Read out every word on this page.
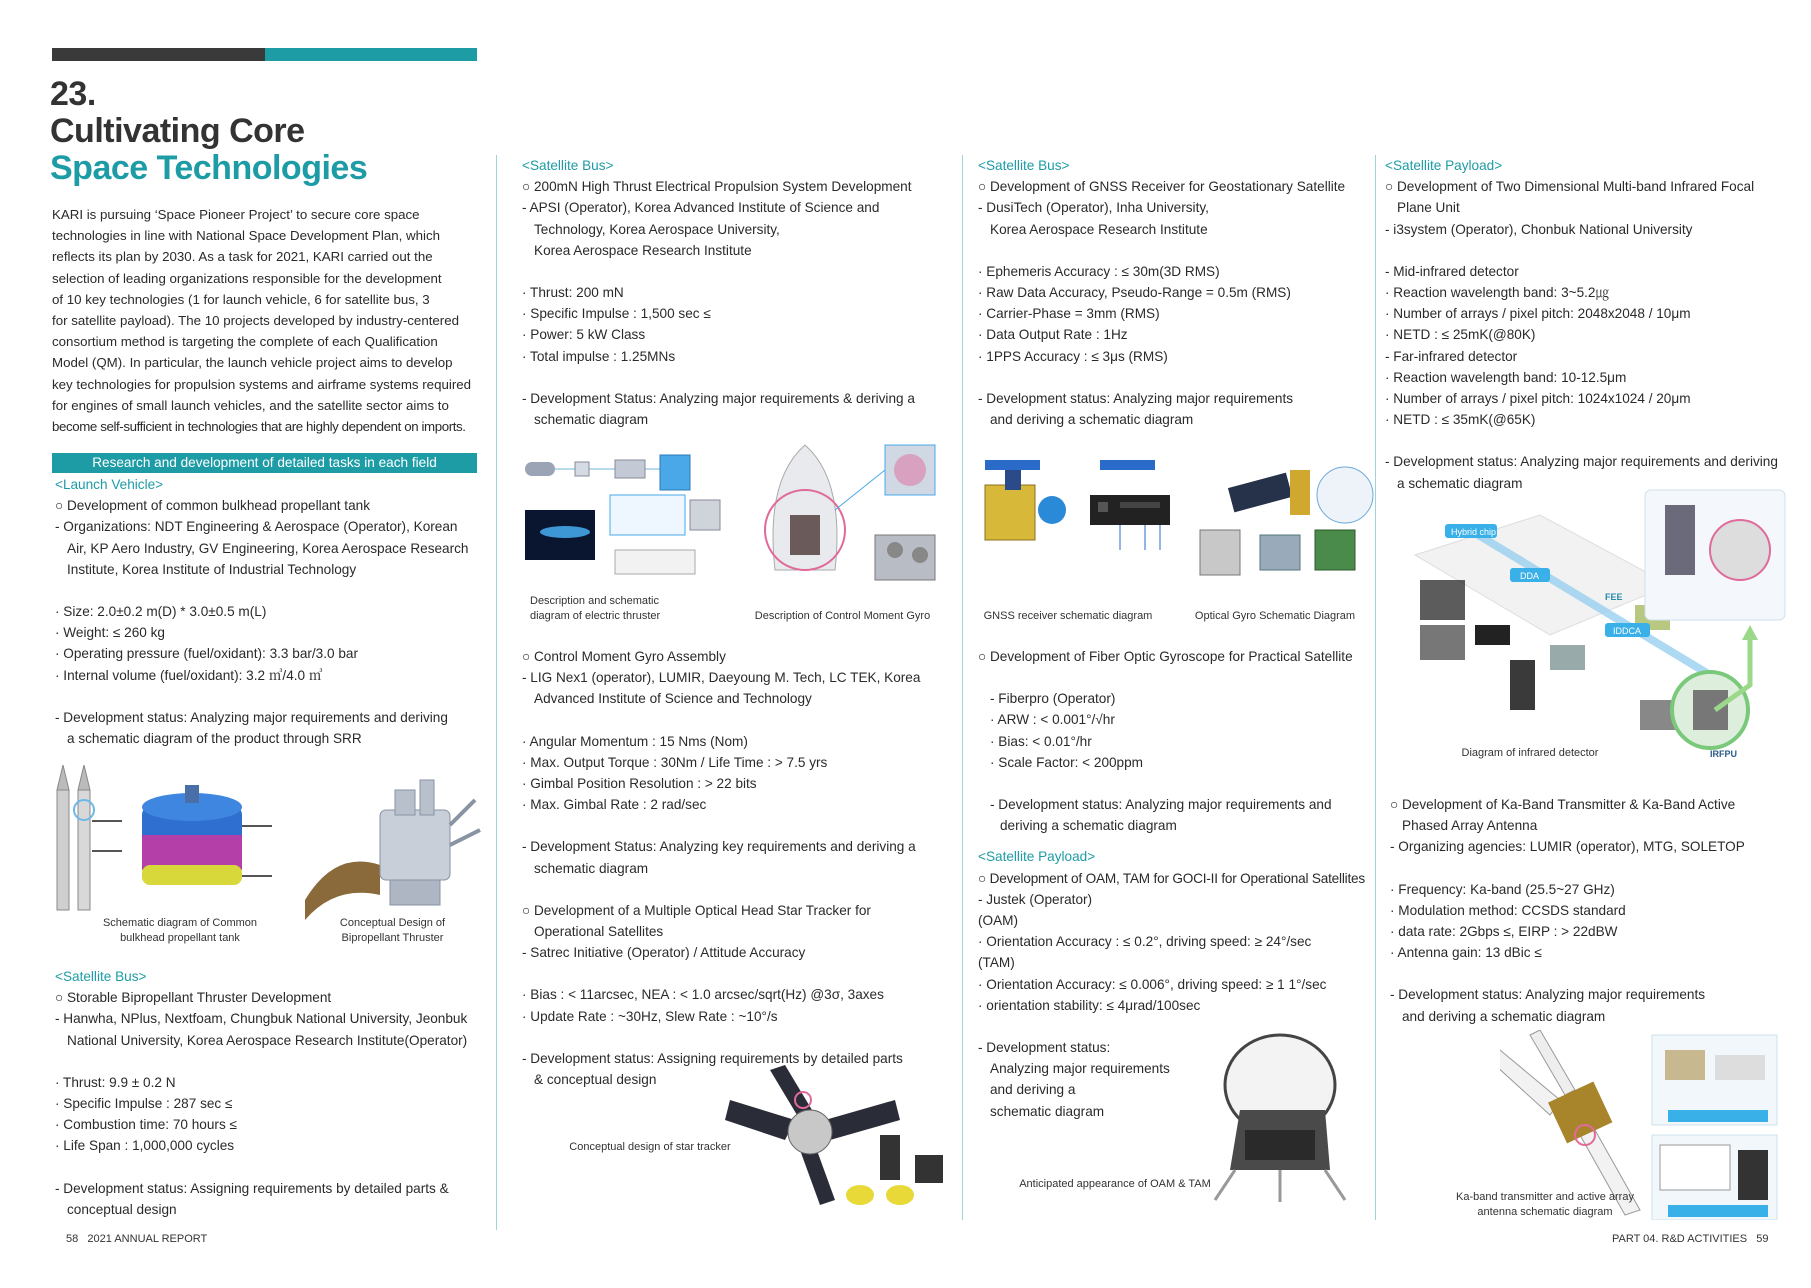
23.
Cultivating Core
Space Technologies

KARI is pursuing ‘Space Pioneer Project’ to secure core space

technologies in line with National Space Development Plan, which

reflects its plan by 2030. As a task for 2021, KARI carried out the

selection of leading organizations responsible for the development

of 10 key technologies (1 for launch vehicle, 6 for satellite bus, 3

for satellite payload). The 10 projects developed by industry-centered

consortium method is targeting the complete of each Qualification

Model (QM). In particular, the launch vehicle project aims to develop

key technologies for propulsion systems and airframe systems required

for engines of small launch vehicles, and the satellite sector aims to

become self-sufficient in technologies that are highly dependent on imports.

Research and development of detailed tasks in each field

<Launch Vehicle>

○ Development of common bulkhead propellant tank

- Organizations: NDT Engineering & Aerospace (Operator), Korean

Air, KP Aero Industry, GV Engineering, Korea Aerospace Research

Institute, Korea Institute of Industrial Technology

· Size: 2.0±0.2 m(D) * 3.0±0.5 m(L)

· Weight: ≤ 260 kg

· Operating pressure (fuel/oxidant): 3.3 bar/3.0 bar

· Internal volume (fuel/oxidant): 3.2 ㎥/4.0 ㎥

- Development status: Analyzing major requirements and deriving

a schematic diagram of the product through SRR

Schematic diagram of Common
bulkhead propellant tank
Conceptual Design of
Bipropellant Thruster

<Satellite Bus>

○ Storable Bipropellant Thruster Development

- Hanwha, NPlus, Nextfoam, Chungbuk National University, Jeonbuk

National University, Korea Aerospace Research Institute(Operator)

· Thrust: 9.9 ± 0.2 N

· Specific Impulse : 287 sec ≤

· Combustion time: 70 hours ≤

· Life Span : 1,000,000 cycles

- Development status: Assigning requirements by detailed parts &

conceptual design

<Satellite Bus>

○ 200mN High Thrust Electrical Propulsion System Development

- APSI (Operator), Korea Advanced Institute of Science and

Technology, Korea Aerospace University,

Korea Aerospace Research Institute

· Thrust: 200 mN

· Specific Impulse : 1,500 sec ≤

· Power: 5 kW Class

· Total impulse : 1.25MNs

- Development Status: Analyzing major requirements & deriving a

schematic diagram

Description and schematic
diagram of electric thruster	Description of Control Moment Gyro

○ Control Moment Gyro Assembly

- LIG Nex1 (operator), LUMIR, Daeyoung M. Tech, LC TEK, Korea

Advanced Institute of Science and Technology

· Angular Momentum : 15 Nms (Nom)

· Max. Output Torque : 30Nm / Life Time : > 7.5 yrs

· Gimbal Position Resolution : > 22 bits

· Max. Gimbal Rate : 2 rad/sec

- Development Status: Analyzing key requirements and deriving a

schematic diagram

○ Development of a Multiple Optical Head Star Tracker for

Operational Satellites

- Satrec Initiative (Operator) / Attitude Accuracy

· Bias : < 11arcsec, NEA : < 1.0 arcsec/sqrt(Hz) @3σ, 3axes

· Update Rate : ~30Hz, Slew Rate : ~10°/s

- Development status: Assigning requirements by detailed parts

& conceptual design

Conceptual design of star tracker

<Satellite Bus>

○ Development of GNSS Receiver for Geostationary Satellite

- DusiTech (Operator), Inha University,

Korea Aerospace Research Institute

· Ephemeris Accuracy : ≤ 30m(3D RMS)

· Raw Data Accuracy, Pseudo-Range = 0.5m (RMS)

· Carrier-Phase = 3mm (RMS)

· Data Output Rate : 1Hz

· 1PPS Accuracy : ≤ 3μs (RMS)

- Development status: Analyzing major requirements

and deriving a schematic diagram

GNSS receiver schematic diagram	Optical Gyro Schematic Diagram

○ Development of Fiber Optic Gyroscope for Practical Satellite

- Fiberpro (Operator)

· ARW : < 0.001°/√hr

· Bias: < 0.01°/hr

· Scale Factor: < 200ppm

- Development status: Analyzing major requirements and

deriving a schematic diagram

<Satellite Payload>

○ Development of OAM, TAM for GOCI-II for Operational Satellites

- Justek (Operator)

(OAM)

· Orientation Accuracy : ≤ 0.2°, driving speed: ≥ 24°/sec

(TAM)

· Orientation Accuracy: ≤ 0.006°, driving speed: ≥ 1 1°/sec

· orientation stability: ≤ 4μrad/100sec

- Development status:

Analyzing major requirements

and deriving a

schematic diagram

Anticipated appearance of OAM & TAM

<Satellite Payload>

○ Development of Two Dimensional Multi-band Infrared Focal

Plane Unit

- i3system (Operator), Chonbuk National University

- Mid-infrared detector

· Reaction wavelength band: 3~5.2㎍

· Number of arrays / pixel pitch: 2048x2048 / 10μm

· NETD : ≤ 25mK(@80K)

- Far-infrared detector

· Reaction wavelength band: 10-12.5μm

· Number of arrays / pixel pitch: 1024x1024 / 20μm

· NETD : ≤ 35mK(@65K)

- Development status: Analyzing major requirements and deriving

a schematic diagram

Hybrid chip
DDA
IDDCA
FEE
IRFPU
Diagram of infrared detector

○ Development of Ka-Band Transmitter & Ka-Band Active

Phased Array Antenna

- Organizing agencies: LUMIR (operator), MTG, SOLETOP

· Frequency: Ka-band (25.5~27 GHz)

· Modulation method: CCSDS standard

· data rate: 2Gbps ≤, EIRP : > 22dBW

· Antenna gain: 13 dBic ≤

- Development status: Analyzing major requirements

and deriving a schematic diagram

Ka-band transmitter and active array
antenna schematic diagram
58 2021 ANNUAL REPORT	PART 04. R&D ACTIVITIES 59
